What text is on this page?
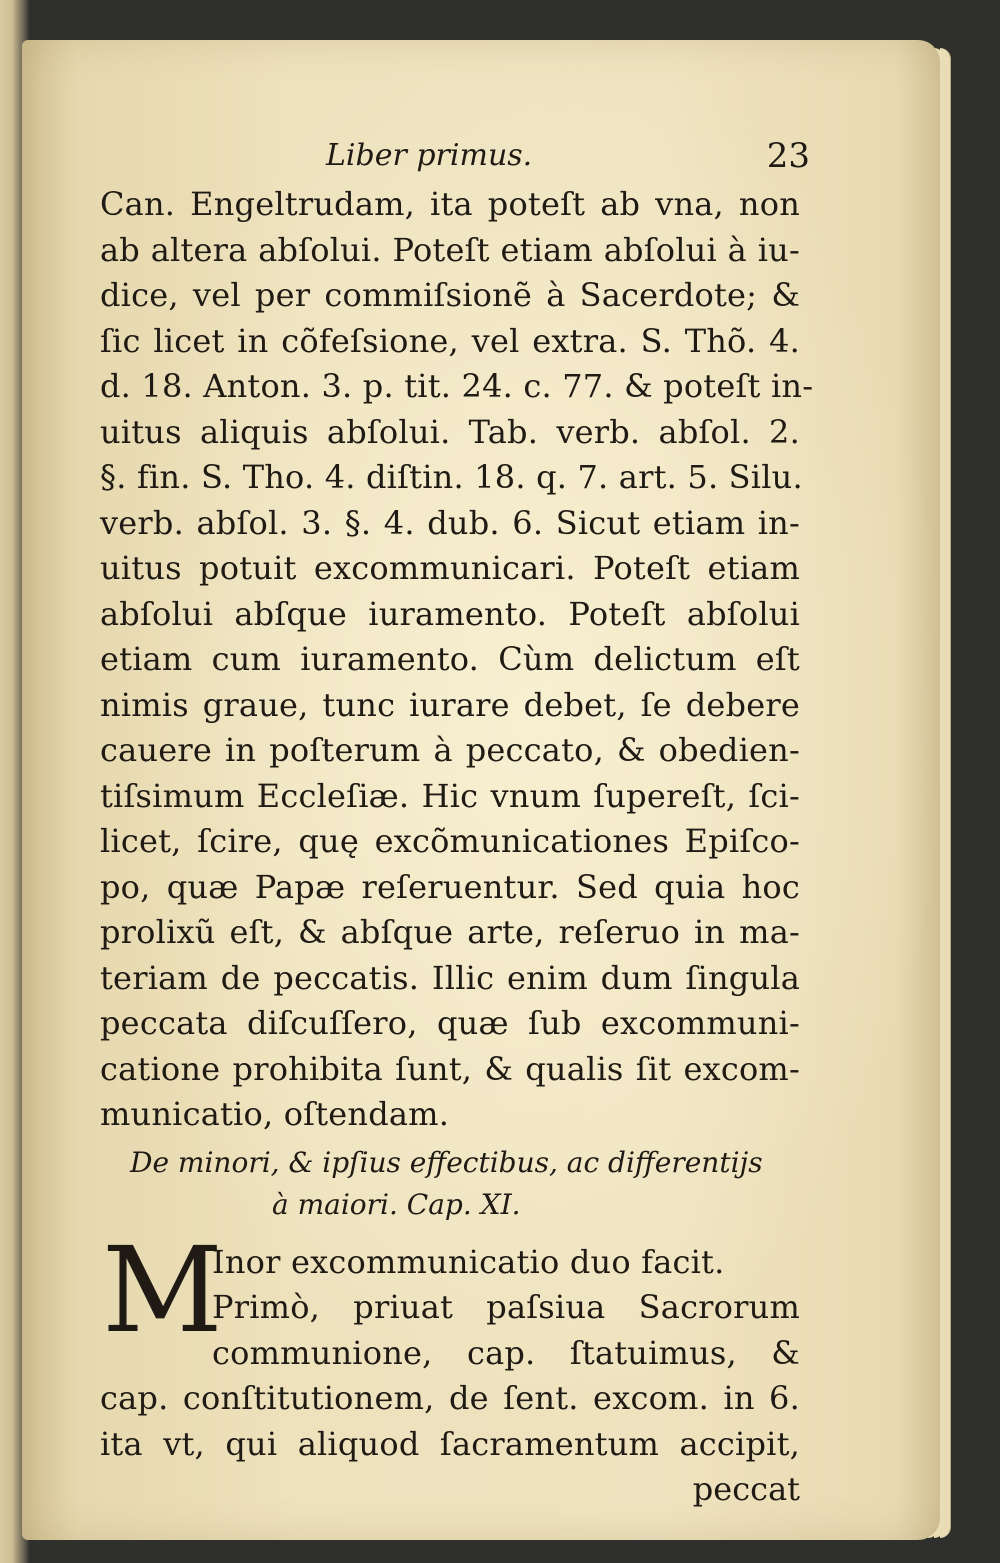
Liber primus.	23
Can. Engeltrudam, ita poteſt ab vna, non
ab altera abſolui. Poteſt etiam abſolui à iu-
dice, vel per commiſsionẽ à Sacerdote; &
ſic licet in cõfeſsione, vel extra. S. Thõ. 4.
d. 18. Anton. 3. p. tit. 24. c. 77. & poteſt in-
uitus aliquis abſolui. Tab. verb. abſol. 2.
§. fin. S. Tho. 4. diſtin. 18. q. 7. art. 5. Silu.
verb. abſol. 3. §. 4. dub. 6. Sicut etiam in-
uitus potuit excommunicari. Poteſt etiam
abſolui abſque iuramento. Poteſt abſolui
etiam cum iuramento. Cùm delictum eſt
nimis graue, tunc iurare debet, ſe debere
cauere in poſterum à peccato, & obedien-
tiſsimum Eccleſiæ. Hic vnum ſupereſt, ſci-
licet, ſcire, quę excõmunicationes Epiſco-
po, quæ Papæ reſeruentur. Sed quia hoc
prolixũ eſt, & abſque arte, reſeruo in ma-
teriam de peccatis. Illic enim dum ſingula
peccata diſcuſſero, quæ ſub excommuni-
catione prohibita ſunt, & qualis ſit excom-
municatio, oſtendam.
De minori, & ipſius effectibus, ac differentijs
à maiori. Cap. XI.
M
Inor excommunicatio duo facit.
Primò, priuat paſsiua Sacrorum
communione, cap. ſtatuimus, &
cap. conſtitutionem, de ſent. excom. in 6.
ita vt, qui aliquod ſacramentum accipit,
peccat
